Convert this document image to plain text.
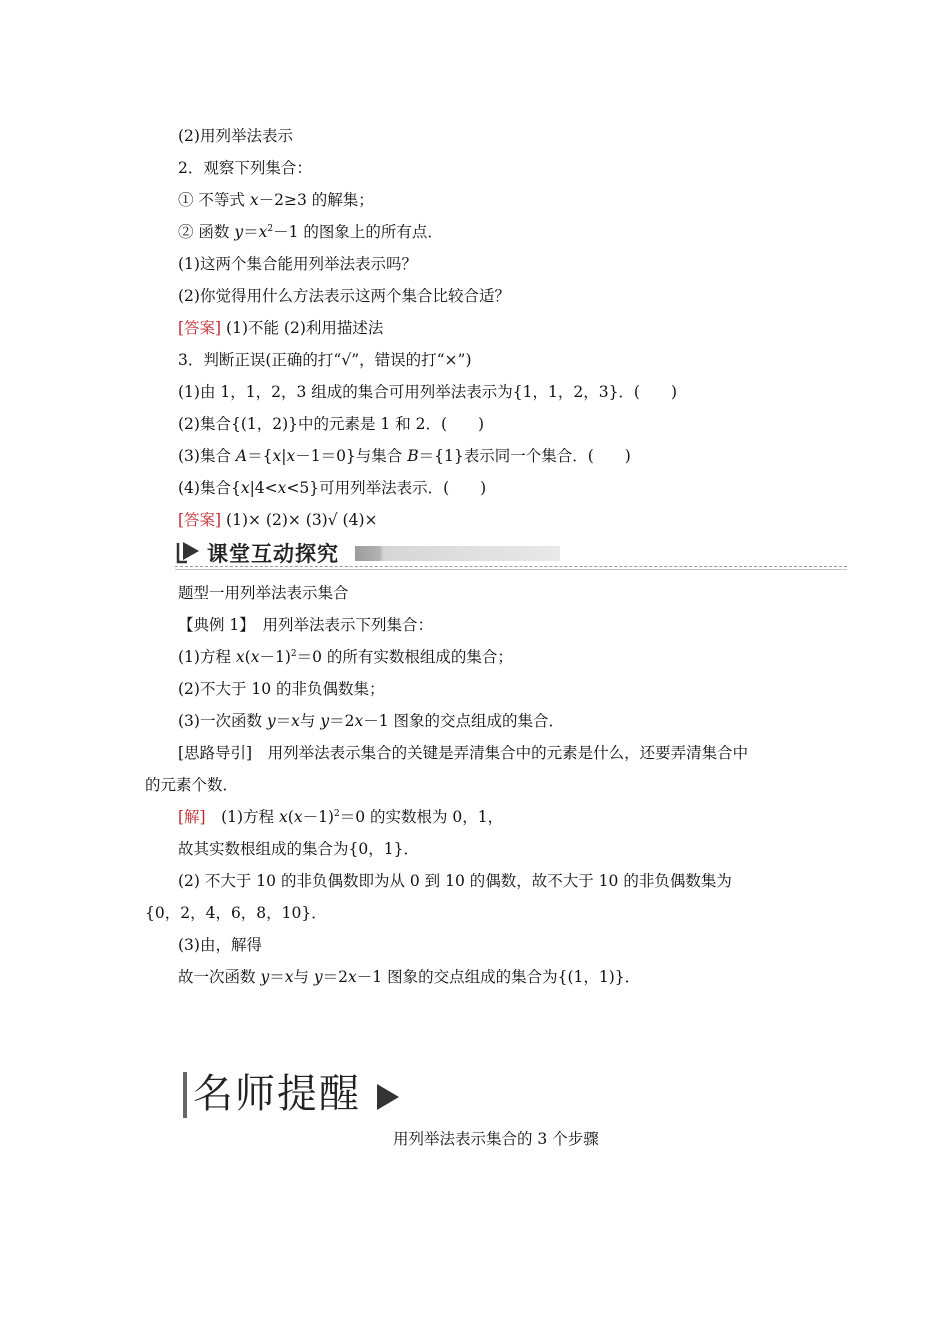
(2)用列举法表示
2．观察下列集合：
① 不等式 x－2≥3 的解集；
② 函数 $y=x^2-1$ 的图象上的所有点．
(1)这两个集合能用列举法表示吗？
(2)你觉得用什么方法表示这两个集合比较合适？
[答案] (1)不能 (2)利用描述法
3．判断正误(正确的打“√”，错误的打“×”)
(1)由 1，1，2，3 组成的集合可用列举法表示为{1，1，2，3}．(　　)
(2)集合{(1，2)}中的元素是 1 和 2．(　　)
(3)集合 A＝{x|x－1＝0}与集合 B＝{1}表示同一个集合．(　　)
(4)集合{x|4<x<5}可用列举法表示．(　　)
[答案] (1)× (2)× (3)√ (4)×
课堂互动探究
题型一用列举法表示集合
【典例 1】　用列举法表示下列集合：
(1)方程 $x(x-1)^2=0$ 的所有实数根组成的集合；
(2)不大于 10 的非负偶数集；
(3)一次函数 y＝x与 y＝2x－1 图象的交点组成的集合．
[思路导引]　用列举法表示集合的关键是弄清集合中的元素是什么，还要弄清集合中
的元素个数．
[解]　(1)方程 $x(x-1)^2=0$ 的实数根为 0，1，
故其实数根组成的集合为{0，1}．
(2) 不大于 10 的非负偶数即为从 0 到 10 的偶数，故不大于 10 的非负偶数集为
{0，2，4，6，8，10}．
(3)由，解得
故一次函数 y＝x与 y＝2x－1 图象的交点组成的集合为{(1，1)}．
名师提醒
用列举法表示集合的 3 个步骤
